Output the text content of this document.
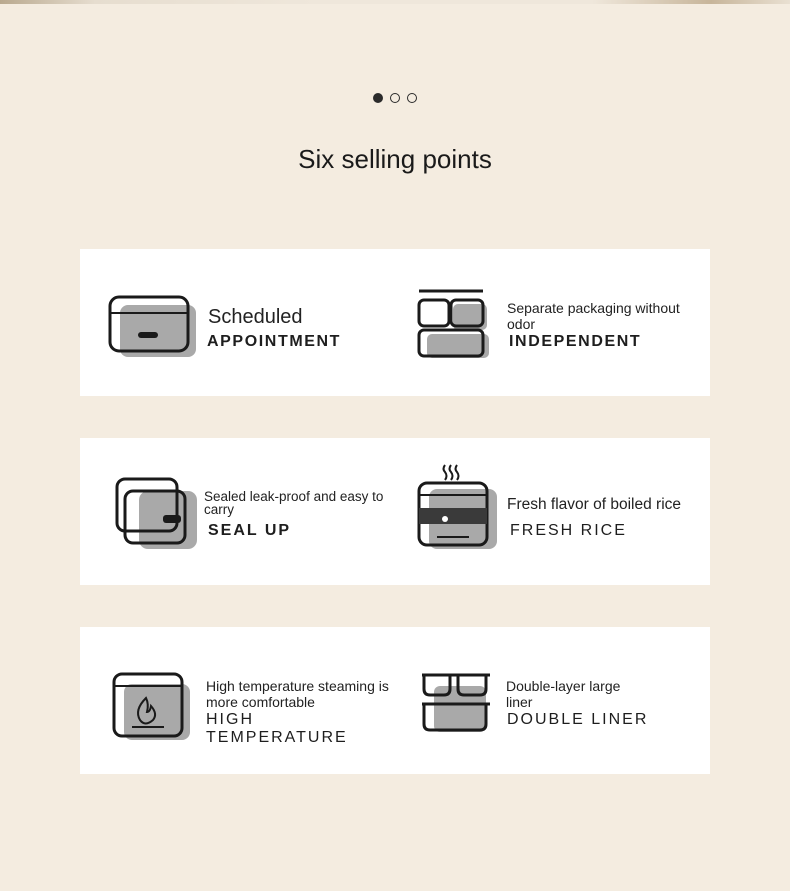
Six selling points
Scheduled
APPOINTMENT
Separate packaging without odor
INDEPENDENT
Sealed leak-proof and easy to carry
SEAL UP
Fresh flavor of boiled rice
FRESH RICE
High temperature steaming is more comfortable
HIGH TEMPERATURE
Double-layer large liner
DOUBLE LINER
